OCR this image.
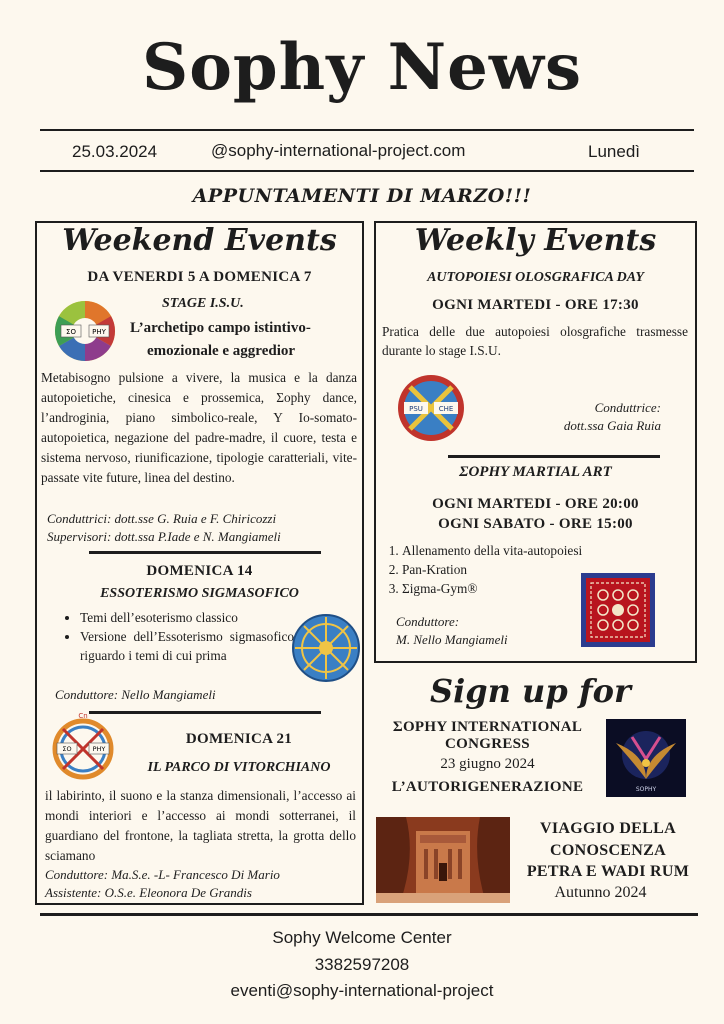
Sophy News
25.03.2024	@sophy-international-project.com	Lunedì
APPUNTAMENTI DI MARZO!!!
Weekend Events
DA VENERDI 5 A DOMENICA 7
STAGE I.S.U.
ΣO PHY L’archetipo campo istintivo-
emozionale e aggredior
Metabisogno pulsione a vivere, la musica e la danza autopoietiche, cinesica e prossemica, Σophy dance, l’androginia, piano simbolico-reale, Y Io-somato-autopoietica, negazione del padre-madre, il cuore, testa e sistema nervoso, riunificazione, tipologie caratteriali, vite-passate vite future, linea del destino.
Conduttrici: dott.sse G. Ruia e F. Chiricozzi
Supervisori: dott.ssa P.Iade e N. Mangiameli
DOMENICA 14
ESSOTERISMO SIGMASOFICO
• Temi dell’esoterismo classico
• Versione dell’Essoterismo sigmasofico riguardo i temi di cui prima
Conduttore: Nello Mangiameli
Cn
ΣO	PHY
DOMENICA 21
IL PARCO DI VITORCHIANO
il labirinto, il suono e la stanza dimensionali, l’accesso ai mondi interiori e l’accesso ai mondi sotterranei, il guardiano del frontone, la tagliata stretta, la grotta dello sciamano
Conduttore: Ma.S.e. -L- Francesco Di Mario
Assistente: O.S.e. Eleonora De Grandis
Weekly Events
AUTOPOIESI OLOSGRAFICA DAY
OGNI MARTEDI - ORE 17:30
Pratica delle due autopoiesi olosgrafiche trasmesse durante lo stage I.S.U.
PSU CHE	Conduttrice:
dott.ssa Gaia Ruia
ΣOPHY MARTIAL ART
OGNI MARTEDI - ORE 20:00
OGNI SABATO - ORE 15:00
1. Allenamento della vita-autopoiesi
2. Pan-Kration
3. Σigma-Gym®
Conduttore:
M. Nello Mangiameli
Sign up for
ΣOPHY INTERNATIONAL
CONGRESS
23 giugno 2024
L’AUTORIGENERAZIONE	SOPHY
VIAGGIO DELLA
CONOSCENZA
PETRA E WADI RUM
Autunno 2024
Sophy Welcome Center
3382597208
eventi@sophy-international-project
